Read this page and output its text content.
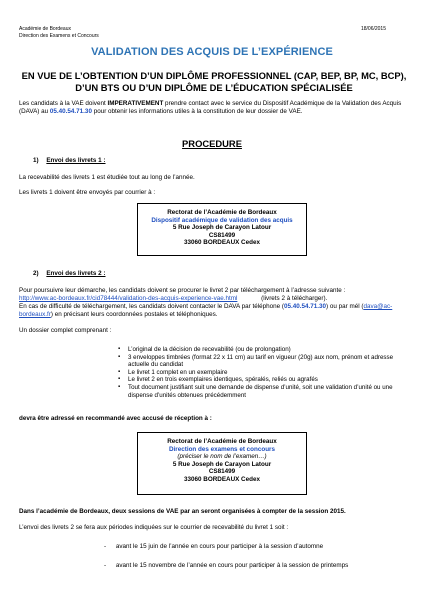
Académie de Bordeaux
Direction des Examens et Concours
18/06/2015
VALIDATION DES ACQUIS DE L’EXPÉRIENCE
EN VUE DE L’OBTENTION D’UN DIPLÔME PROFESSIONNEL (CAP, BEP, BP, MC, BCP), D’UN BTS OU D’UN DIPLÔME DE L’ÉDUCATION SPÉCIALISÉE
Les candidats à la VAE doivent IMPERATIVEMENT prendre contact avec le service du Dispositif Académique de la Validation des Acquis (DAVA) au 05.40.54.71.30 pour obtenir les informations utiles à la constitution de leur dossier de VAE.
PROCEDURE
1) Envoi des livrets 1 :
La recevabilité des livrets 1 est étudiée tout au long de l’année.
Les livrets 1 doivent être envoyés par courrier à :
Rectorat de l’Académie de Bordeaux
Dispositif académique de validation des acquis
5 Rue Joseph de Carayon Latour
CS81499
33060 BORDEAUX Cedex
2) Envoi des livrets 2 :
Pour poursuivre leur démarche, les candidats doivent se procurer le livret 2 par téléchargement à l’adresse suivante :
http://www.ac-bordeaux.fr/cid78444/validation-des-acquis-experience-vae.html	(livrets 2 à télécharger).
En cas de difficulté de téléchargement, les candidats doivent contacter le DAVA par téléphone (05.40.54.71.30) ou par mél (dava@ac-bordeaux.fr) en précisant leurs coordonnées postales et téléphoniques.
Un dossier complet comprenant :
▪ L’original de la décision de recevabilité (ou de prolongation)
▪ 3 enveloppes timbrées (format 22 x 11 cm) au tarif en vigueur (20g) aux nom, prénom et adresse actuelle du candidat
▪ Le livret 1 complet en un exemplaire
▪ Le livret 2 en trois exemplaires identiques, spéralés, reliés ou agrafés
▪ Tout document justifiant suit une demande de dispense d’unité, soit une validation d’unité ou une dispense d’unités obtenues précédemment
devra être adressé en recommandé avec accusé de réception à :
Rectorat de l’Académie de Bordeaux
Direction des examens et concours
(préciser le nom de l’examen…)
5 Rue Joseph de Carayon Latour
CS81499
33060 BORDEAUX Cedex
Dans l’académie de Bordeaux, deux sessions de VAE par an seront organisées à compter de la session 2015.
L’envoi des livrets 2 se fera aux périodes indiquées sur le courrier de recevabilité du livret 1 soit :
- avant le 15 juin de l’année en cours pour participer à la session d’automne
- avant le 15 novembre de l’année en cours pour participer à la session de printemps
